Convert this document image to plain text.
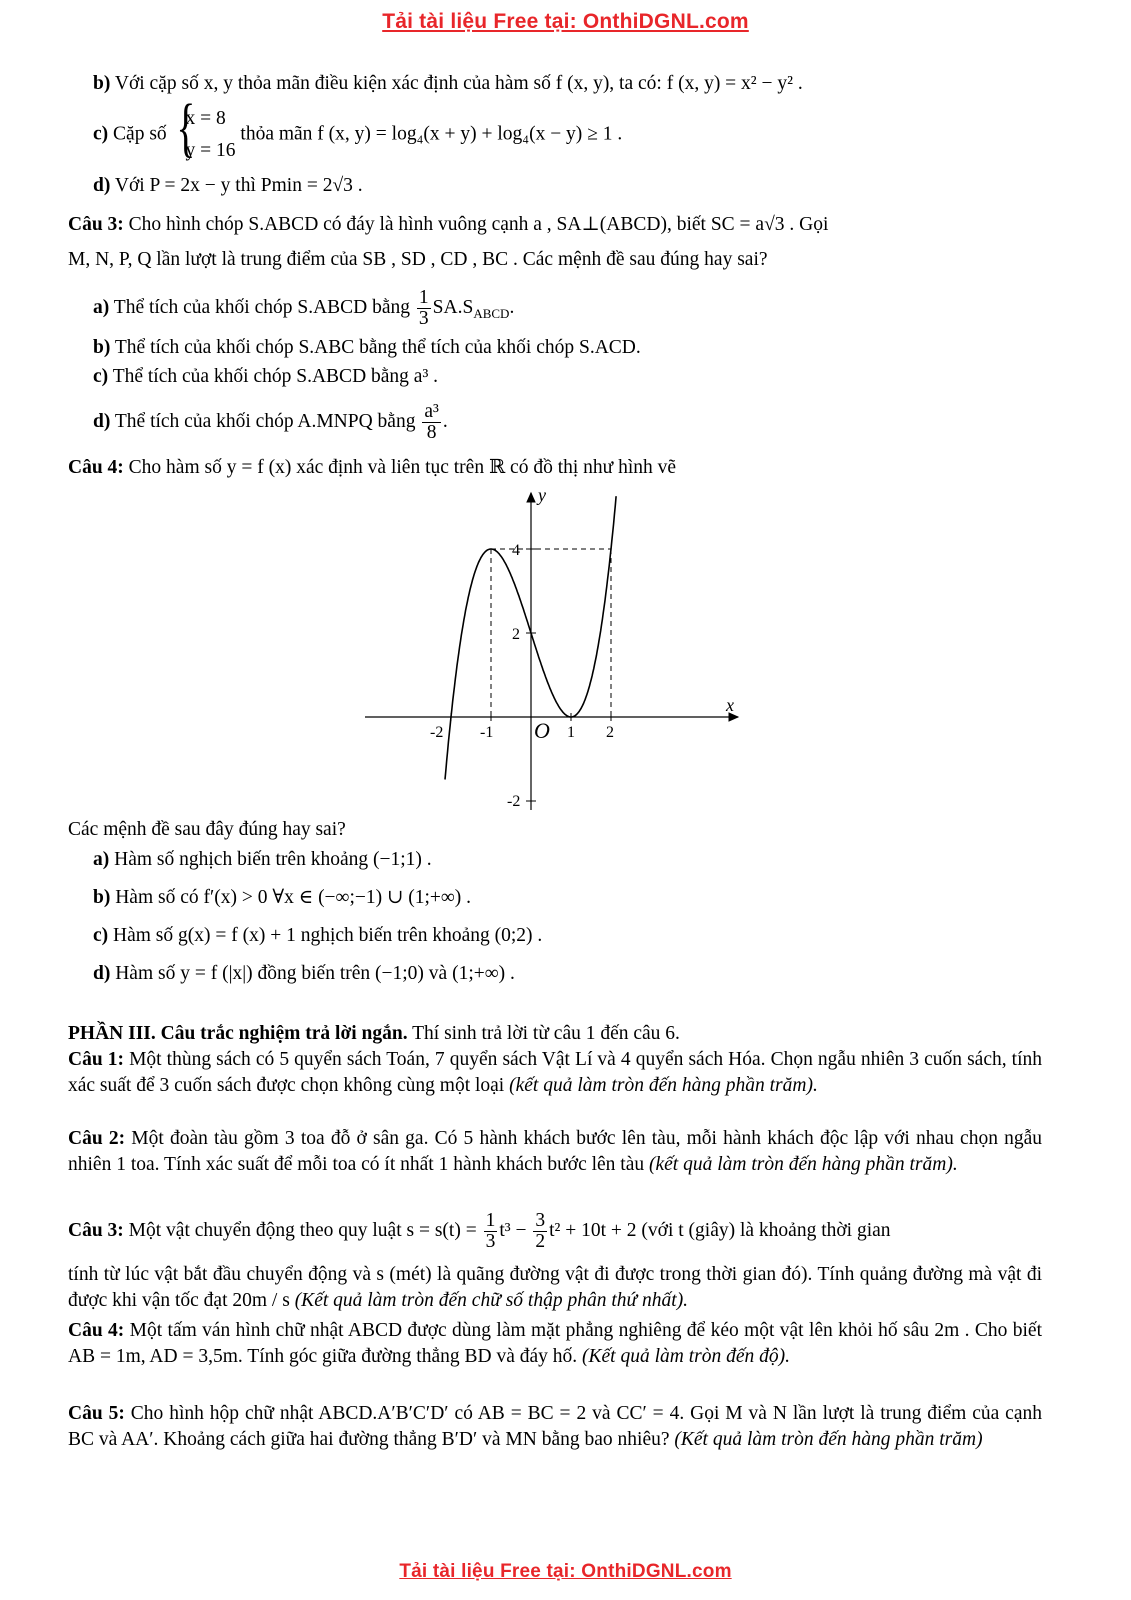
Tải tài liệu Free tại: OnthiDGNL.com
b) Với cặp số x, y thỏa mãn điều kiện xác định của hàm số f (x, y), ta có: f (x, y) = x² − y² .
c) Cặp số
{ x = 8
y = 16
thỏa mãn f (x, y) = log₄(x + y) + log₄(x − y) ≥ 1 .
d) Với P = 2x − y thì Pmin = 2√3 .
Câu 3: Cho hình chóp S.ABCD có đáy là hình vuông cạnh a , SA⊥(ABCD), biết SC = a√3 . Gọi
M, N, P, Q lần lượt là trung điểm của SB , SD , CD , BC . Các mệnh đề sau đúng hay sai?
a) Thể tích của khối chóp S.ABCD bằng $\frac{1}{3} SA.S_{ABCD}$.
b) Thể tích của khối chóp S.ABC bằng thể tích của khối chóp S.ACD.
c) Thể tích của khối chóp S.ABCD bằng a³ .
d) Thể tích của khối chóp A.MNPQ bằng $\frac{\text{a³}}{8}$ .
Câu 4: Cho hàm số y = f (x) xác định và liên tục trên ℝ có đồ thị như hình vẽ
-2 -1	1 2
4
2
-2
O
x
y
Các mệnh đề sau đây đúng hay sai?
a) Hàm số nghịch biến trên khoảng (−1;1) .
b) Hàm số có f′(x) > 0 ∀x ∈ (−∞;−1) ∪ (1;+∞) .
c) Hàm số g(x) = f (x) + 1 nghịch biến trên khoảng (0;2) .
d) Hàm số y = f (|x|) đồng biến trên (−1;0) và (1;+∞) .
PHẦN III. Câu trắc nghiệm trả lời ngắn. Thí sinh trả lời từ câu 1 đến câu 6.
Câu 1: Một thùng sách có 5 quyển sách Toán, 7 quyển sách Vật Lí và 4 quyển sách Hóa. Chọn ngẫu nhiên 3 cuốn sách, tính xác suất để 3 cuốn sách được chọn không cùng một loại (kết quả làm tròn đến hàng phần trăm).
Câu 2: Một đoàn tàu gồm 3 toa đỗ ở sân ga. Có 5 hành khách bước lên tàu, mỗi hành khách độc lập với nhau chọn ngẫu nhiên 1 toa. Tính xác suất để mỗi toa có ít nhất 1 hành khách bước lên tàu (kết quả làm tròn đến hàng phần trăm).
Câu 3: Một vật chuyển động theo quy luật $s = s(t) = \frac{1}{3} t^3 - \frac{3}{2} t^2 + 10t + 2$ (với t (giây) là khoảng thời gian
tính từ lúc vật bắt đầu chuyển động và s (mét) là quãng đường vật đi được trong thời gian đó). Tính quảng đường mà vật đi được khi vận tốc đạt 20m / s (Kết quả làm tròn đến chữ số thập phân thứ nhất).
Câu 4: Một tấm ván hình chữ nhật ABCD được dùng làm mặt phẳng nghiêng để kéo một vật lên khỏi hố sâu 2m . Cho biết AB = 1m, AD = 3,5m. Tính góc giữa đường thẳng BD và đáy hố. (Kết quả làm tròn đến độ).
Câu 5: Cho hình hộp chữ nhật ABCD.A′B′C′D′ có AB = BC = 2 và CC′ = 4. Gọi M và N lần lượt là trung điểm của cạnh BC và AA′. Khoảng cách giữa hai đường thẳng B′D′ và MN bằng bao nhiêu? (Kết quả làm tròn đến hàng phần trăm)
Tải tài liệu Free tại: OnthiDGNL.com
